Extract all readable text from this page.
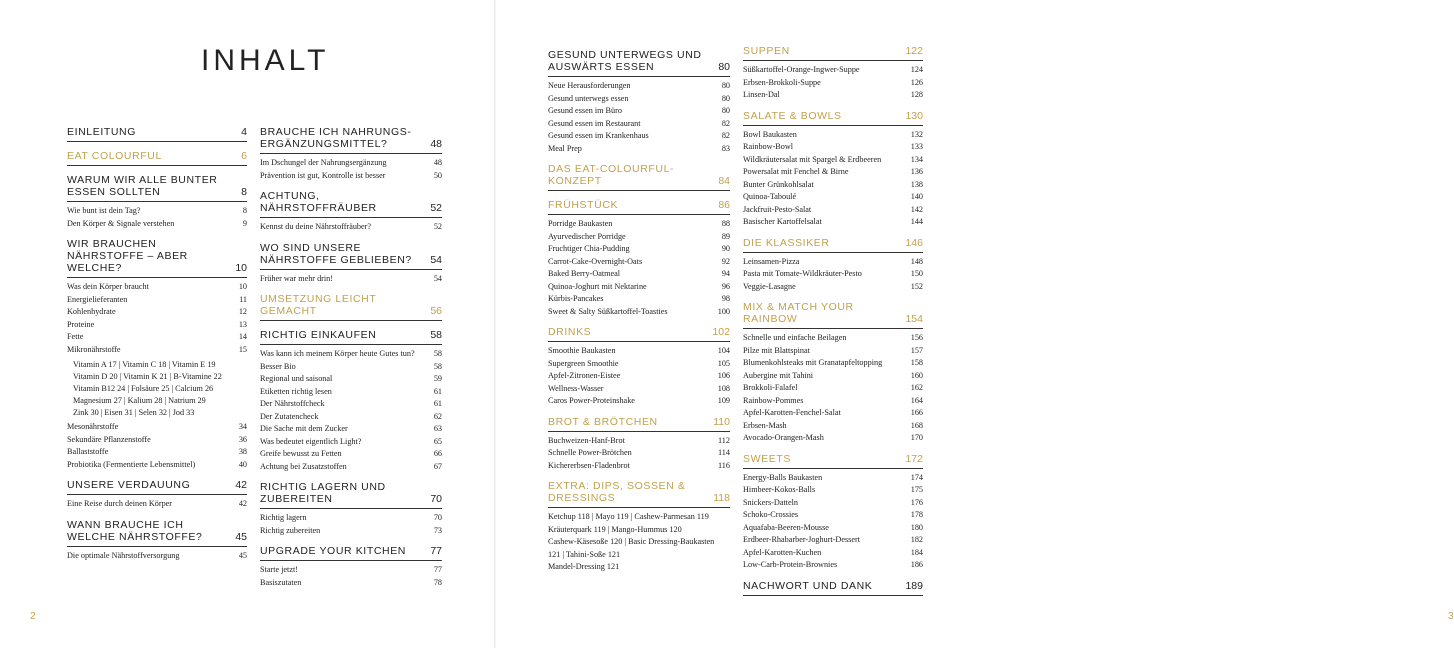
INHALT
EINLEITUNG	4
EAT COLOURFUL	6
WARUM WIR ALLE BUNTER ESSEN SOLLTEN	8
Wie bunt ist dein Tag?	8
Den Körper & Signale verstehen	9
WIR BRAUCHEN NÄHRSTOFFE – ABER WELCHE?	10
Was dein Körper braucht	10
Energielieferanten	11
Kohlenhydrate	12
Proteine	13
Fette	14
Mikronährstoffe	15
Vitamin A 17 | Vitamin C 18 | Vitamin E 19
Vitamin D 20 | Vitamin K 21 | B-Vitamine 22
Vitamin B12 24 | Folsäure 25 | Calcium 26
Magnesium 27 | Kalium 28 | Natrium 29
Zink 30 | Eisen 31 | Selen 32 | Jod 33
Mesonährstoffe	34
Sekundäre Pflanzenstoffe	36
Ballaststoffe	38
Probiotika (Fermentierte Lebensmittel)	40
UNSERE VERDAUUNG	42
Eine Reise durch deinen Körper	42
WANN BRAUCHE ICH WELCHE NÄHRSTOFFE?	45
Die optimale Nährstoffversorgung	45
BRAUCHE ICH NAHRUNGS-ERGÄNZUNGSMITTEL?	48
Im Dschungel der Nahrungsergänzung	48
Prävention ist gut, Kontrolle ist besser	50
ACHTUNG, NÄHRSTOFFRÄUBER	52
Kennst du deine Nährstoffräuber?	52
WO SIND UNSERE NÄHRSTOFFE GEBLIEBEN?	54
Früher war mehr drin!	54
UMSETZUNG LEICHT GEMACHT	56
RICHTIG EINKAUFEN	58
Was kann ich meinem Körper heute Gutes tun?	58
Besser Bio	58
Regional und saisonal	59
Etiketten richtig lesen	61
Der Nährstoffcheck	61
Der Zutatencheck	62
Die Sache mit dem Zucker	63
Was bedeutet eigentlich Light?	65
Greife bewusst zu Fetten	66
Achtung bei Zusatzstoffen	67
RICHTIG LAGERN UND ZUBEREITEN	70
Richtig lagern	70
Richtig zubereiten	73
UPGRADE YOUR KITCHEN	77
Starte jetzt!	77
Basiszutaten	78
2	3
GESUND UNTERWEGS UND AUSWÄRTS ESSEN	80
Neue Herausforderungen	80
Gesund unterwegs essen	80
Gesund essen im Büro	80
Gesund essen im Restaurant	82
Gesund essen im Krankenhaus	82
Meal Prep	83
DAS EAT-COLOURFUL-KONZEPT	84
FRÜHSTÜCK	86
Porridge Baukasten	88
Ayurvedischer Porridge	89
Fruchtiger Chia-Pudding	90
Carrot-Cake-Overnight-Oats	92
Baked Berry-Oatmeal	94
Quinoa-Joghurt mit Nektarine	96
Kürbis-Pancakes	98
Sweet & Salty Süßkartoffel-Toasties	100
DRINKS	102
Smoothie Baukasten	104
Supergreen Smoothie	105
Apfel-Zitronen-Eistee	106
Wellness-Wasser	108
Caros Power-Proteinshake	109
BROT & BRÖTCHEN	110
Buchweizen-Hanf-Brot	112
Schnelle Power-Brötchen	114
Kichererbsen-Fladenbrot	116
EXTRA: DIPS, SOSSEN & DRESSINGS	118
Ketchup 118 | Mayo 119 | Cashew-Parmesan 119
Kräuterquark 119 | Mango-Hummus 120
Cashew-Käsesoße 120 | Basic Dressing-Baukasten 121 | Tahini-Soße 121
Mandel-Dressing 121
SUPPEN	122
Süßkartoffel-Orange-Ingwer-Suppe	124
Erbsen-Brokkoli-Suppe	126
Linsen-Dal	128
SALATE & BOWLS	130
Bowl Baukasten	132
Rainbow-Bowl	133
Wildkräutersalat mit Spargel & Erdbeeren	134
Powersalat mit Fenchel & Birne	136
Bunter Grünkohlsalat	138
Quinoa-Taboulé	140
Jackfruit-Pesto-Salat	142
Basischer Kartoffelsalat	144
DIE KLASSIKER	146
Leinsamen-Pizza	148
Pasta mit Tomate-Wildkräuter-Pesto	150
Veggie-Lasagne	152
MIX & MATCH YOUR RAINBOW	154
Schnelle und einfache Beilagen	156
Pilze mit Blattspinat	157
Blumenkohlsteaks mit Granatapfeltopping	158
Aubergine mit Tahini	160
Brokkoli-Falafel	162
Rainbow-Pommes	164
Apfel-Karotten-Fenchel-Salat	166
Erbsen-Mash	168
Avocado-Orangen-Mash	170
SWEETS	172
Energy-Balls Baukasten	174
Himbeer-Kokos-Balls	175
Snickers-Datteln	176
Schoko-Crossies	178
Aquafaba-Beeren-Mousse	180
Erdbeer-Rhabarber-Joghurt-Dessert	182
Apfel-Karotten-Kuchen	184
Low-Carb-Protein-Brownies	186
NACHWORT UND DANK	189
